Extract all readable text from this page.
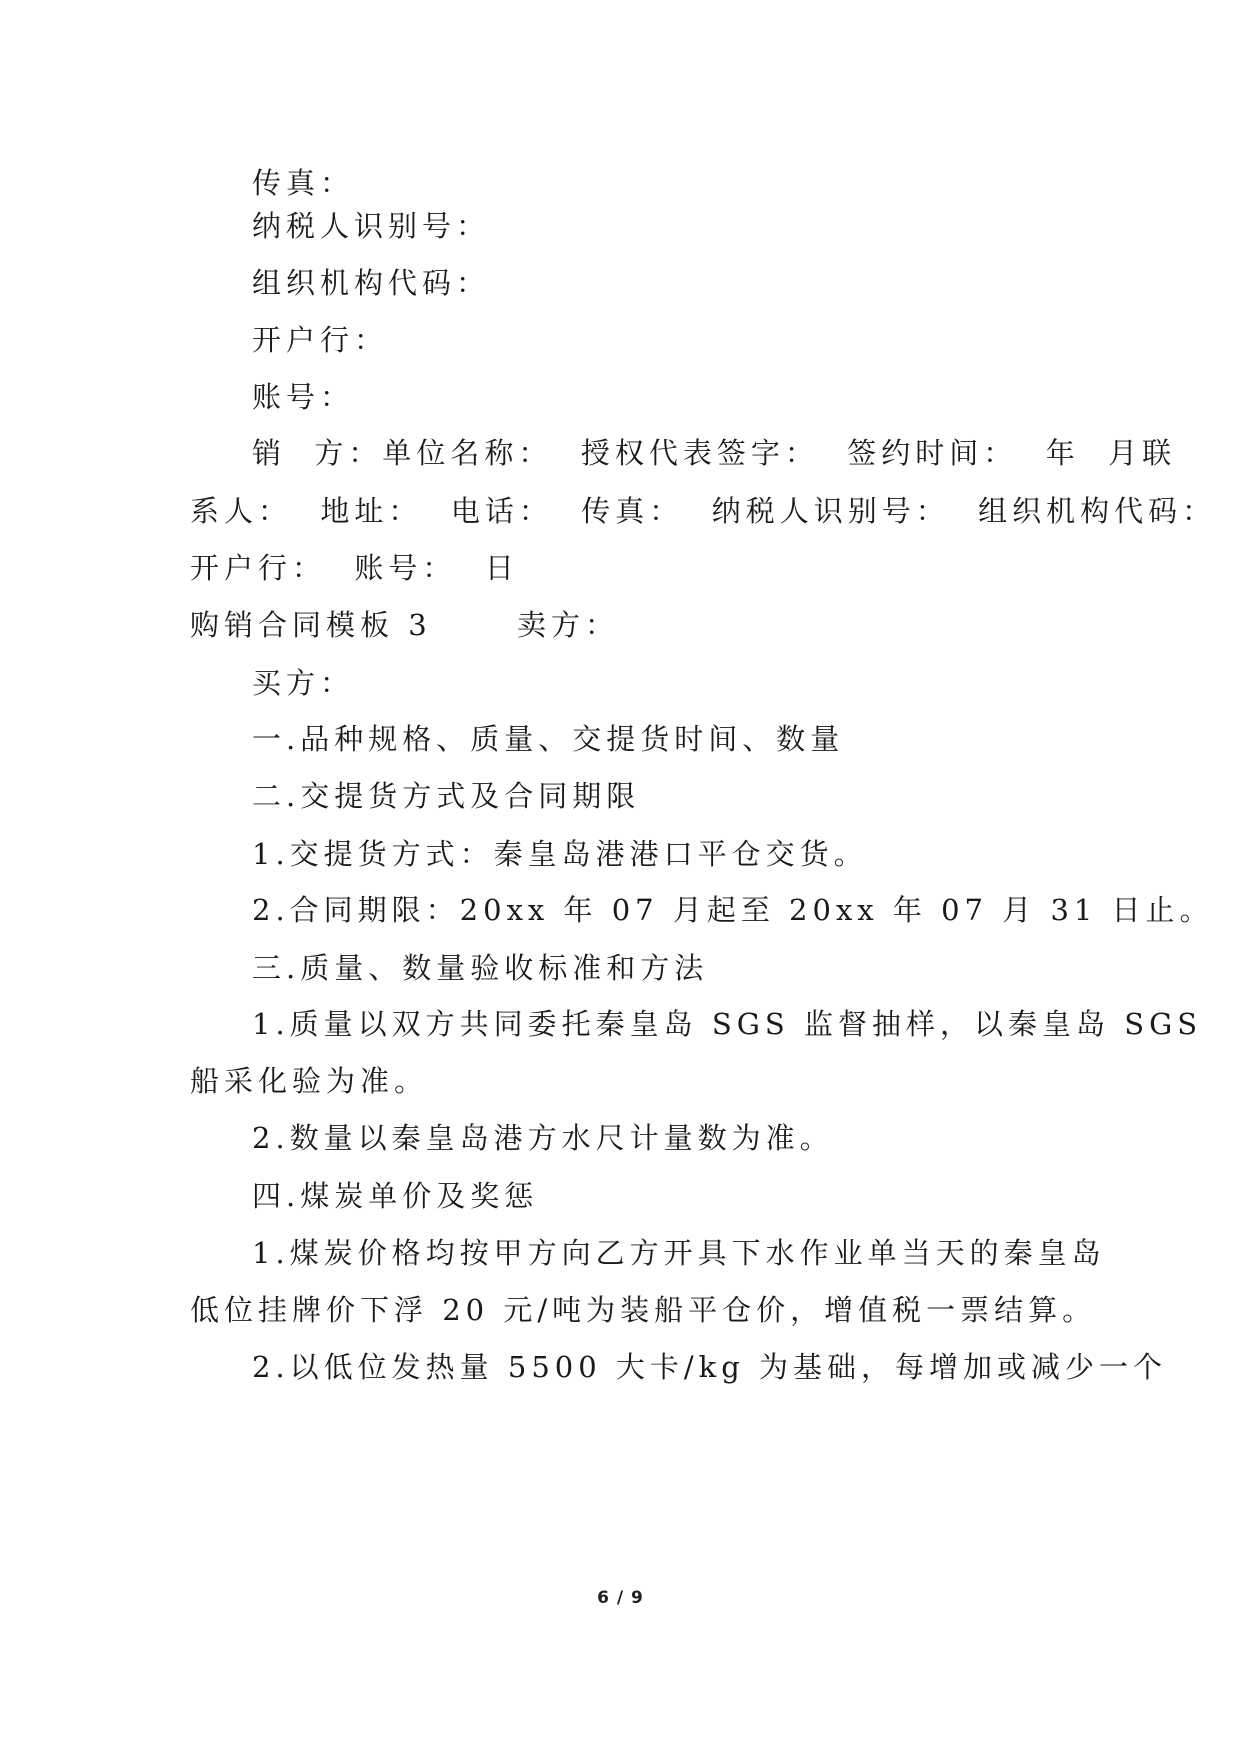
传真：
纳税人识别号：
组织机构代码：
开户行：
账号：
销  方：单位名称：  授权代表签字：  签约时间：  年  月联
系人：  地址：  电话：  传真：  纳税人识别号：  组织机构代码：
开户行：  账号：  日
购销合同模板 3      卖方：
买方：
一.品种规格、质量、交提货时间、数量
二.交提货方式及合同期限
1.交提货方式：秦皇岛港港口平仓交货。
2.合同期限：20xx 年 07 月起至 20xx 年 07 月 31 日止。
三.质量、数量验收标准和方法
1.质量以双方共同委托秦皇岛 SGS 监督抽样，以秦皇岛 SGS
船采化验为准。
2.数量以秦皇岛港方水尺计量数为准。
四.煤炭单价及奖惩
1.煤炭价格均按甲方向乙方开具下水作业单当天的秦皇岛
低位挂牌价下浮 20 元/吨为装船平仓价，增值税一票结算。
2.以低位发热量 5500 大卡/kg 为基础，每增加或减少一个
6 / 9
